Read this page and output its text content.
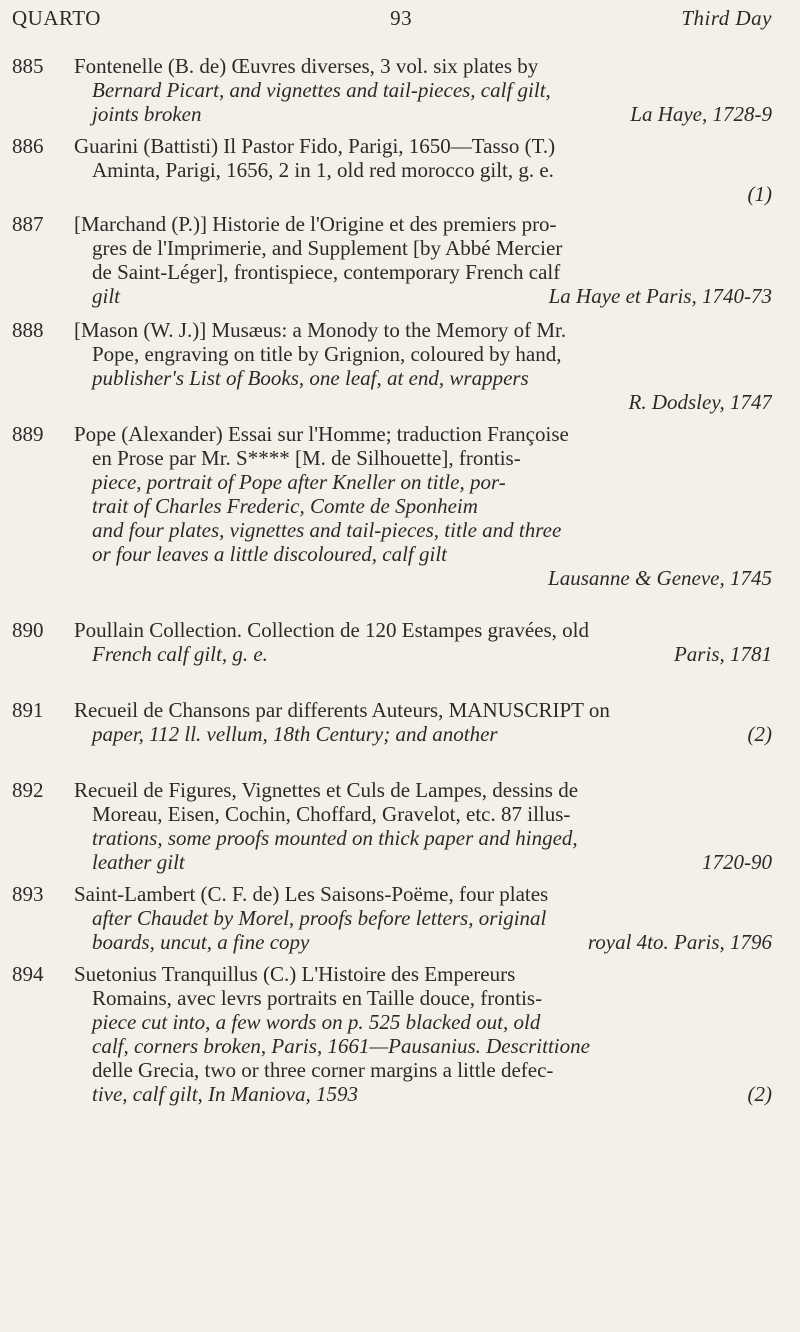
QUARTO	93	Third Day
885	Fontenelle (B. de) Œuvres diverses, 3 vol. six plates by
Bernard Picart, and vignettes and tail-pieces, calf gilt,
joints broken	La Haye, 1728-9
886	Guarini (Battisti) Il Pastor Fido, Parigi, 1650—Tasso (T.)
Aminta, Parigi, 1656, 2 in 1, old red morocco gilt, g. e.
(1)
887	[Marchand (P.)] Historie de l'Origine et des premiers pro-
gres de l'Imprimerie, and Supplement [by Abbé Mercier
de Saint-Léger], frontispiece, contemporary French calf
gilt	La Haye et Paris, 1740-73
888	[Mason (W. J.)] Musæus: a Monody to the Memory of Mr.
Pope, engraving on title by Grignion, coloured by hand,
publisher's List of Books, one leaf, at end, wrappers
R. Dodsley, 1747
889	Pope (Alexander) Essai sur l'Homme; traduction Françoise
en Prose par Mr. S**** [M. de Silhouette], frontis-
piece, portrait of Pope after Kneller on title, por-
trait of Charles Frederic, Comte de Sponheim
and four plates, vignettes and tail-pieces, title and three
or four leaves a little discoloured, calf gilt
Lausanne & Geneve, 1745
890	Poullain Collection. Collection de 120 Estampes gravées, old
French calf gilt, g. e.	Paris, 1781
891	Recueil de Chansons par differents Auteurs, MANUSCRIPT on
paper, 112 ll. vellum, 18th Century; and another	(2)
892	Recueil de Figures, Vignettes et Culs de Lampes, dessins de
Moreau, Eisen, Cochin, Choffard, Gravelot, etc. 87 illus-
trations, some proofs mounted on thick paper and hinged,
leather gilt	1720-90
893	Saint-Lambert (C. F. de) Les Saisons-Poëme, four plates
after Chaudet by Morel, proofs before letters, original
boards, uncut, a fine copy	royal 4to. Paris, 1796
894	Suetonius Tranquillus (C.) L'Histoire des Empereurs
Romains, avec levrs portraits en Taille douce, frontis-
piece cut into, a few words on p. 525 blacked out, old
calf, corners broken, Paris, 1661—Pausanius. Descrittione
delle Grecia, two or three corner margins a little defec-
tive, calf gilt, In Maniova, 1593	(2)
